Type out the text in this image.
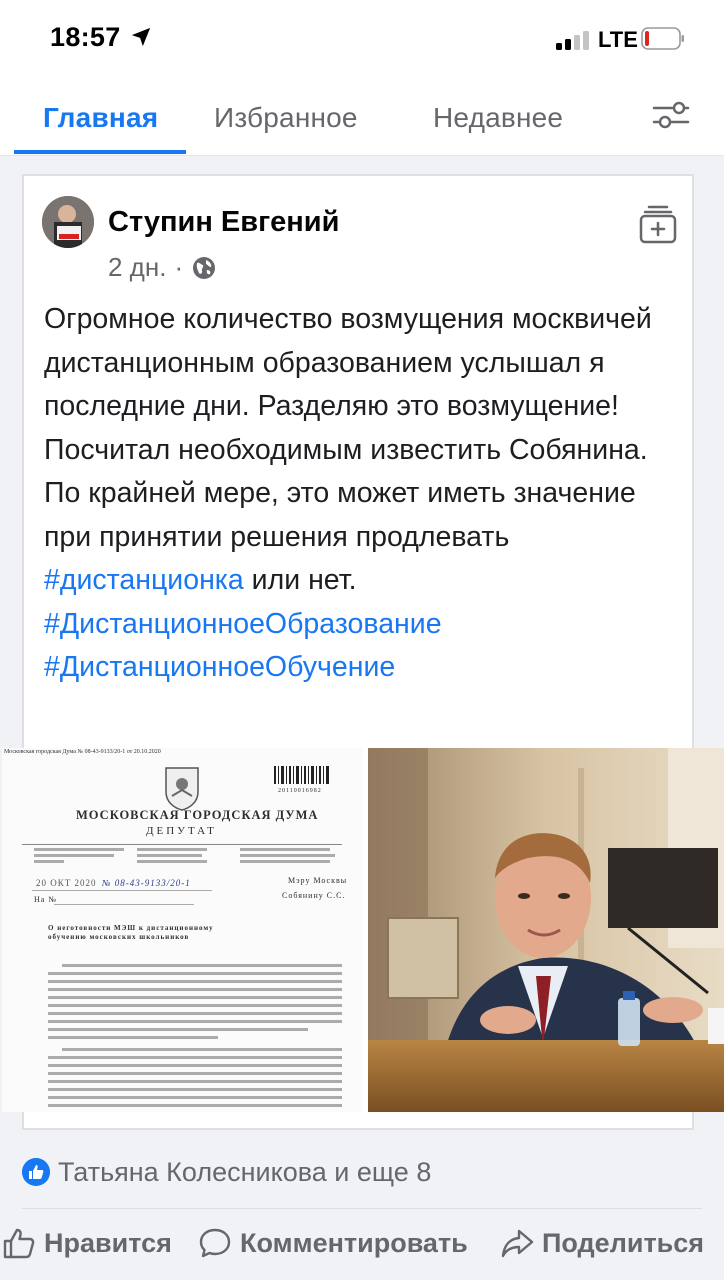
18:57	LTE
Главная Избранное	Недавнее
Ступин Евгений
2 дн. ·
Огромное количество возмущения москвичей дистанционным образованием услышал я последние дни. Разделяю это возмущение! Посчитал необходимым известить Собянина. По крайней мере, это может иметь значение при принятии решения продлевать #дистанционка или нет.
#ДистанционноеОбразование
#ДистанционноеОбучение
Московская городская Дума № 08-43-9133/20-1 от 20.10.2020
20110016982
МОСКОВСКАЯ ГОРОДСКАЯ ДУМА
ДЕПУТАТ
20 ОКТ 2020 № 08-43-9133/20-1
На №
Мэру Москвы
Собянину С.С.
О неготовности МЭШ к дистанционному
обучению московских школьников
Татьяна Колесникова и еще 8
Нравится	Комментировать	Поделиться
